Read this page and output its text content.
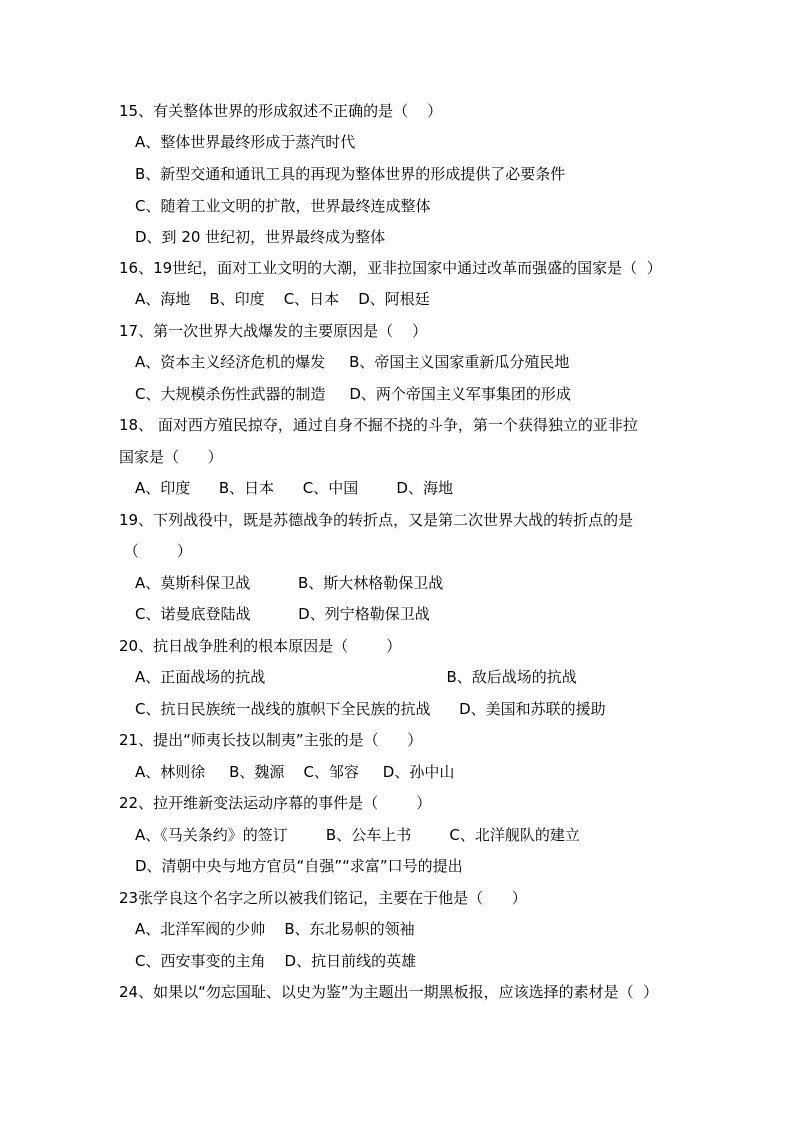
15、有关整体世界的形成叙述不正确的是（    ）
A、整体世界最终形成于蒸汽时代
B、新型交通和通讯工具的再现为整体世界的形成提供了必要条件
C、随着工业文明的扩散，世界最终连成整体
D、到 20 世纪初，世界最终成为整体
16、19世纪，面对工业文明的大潮，亚非拉国家中通过改革而强盛的国家是（  ）
A、海地    B、印度    C、日本    D、阿根廷
17、第一次世界大战爆发的主要原因是（    ）
A、资本主义经济危机的爆发     B、帝国主义国家重新瓜分殖民地
C、大规模杀伤性武器的制造     D、两个帝国主义军事集团的形成
18、 面对西方殖民掠夺，通过自身不掘不挠的斗争，第一个获得独立的亚非拉
国家是（      ）
A、印度      B、日本      C、中国        D、海地
19、下列战役中，既是苏德战争的转折点，又是第二次世界大战的转折点的是
（        ）
A、莫斯科保卫战          B、斯大林格勒保卫战
C、诺曼底登陆战          D、列宁格勒保卫战
20、抗日战争胜利的根本原因是（        ）
A、正面战场的抗战                                      B、敌后战场的抗战
C、抗日民族统一战线的旗帜下全民族的抗战      D、美国和苏联的援助
21、提出“师夷长技以制夷”主张的是（      ）
A、林则徐     B、魏源    C、邹容     D、孙中山
22、拉开维新变法运动序幕的事件是（        ）
A、《马关条约》的签订        B、公车上书        C、北洋舰队的建立
D、清朝中央与地方官员“自强”“求富”口号的提出
23张学良这个名字之所以被我们铭记，主要在于他是（      ）
A、北洋军阀的少帅    B、东北易帜的领袖
C、西安事变的主角    D、抗日前线的英雄
24、如果以“勿忘国耻、以史为鉴”为主题出一期黑板报，应该选择的素材是（  ）
